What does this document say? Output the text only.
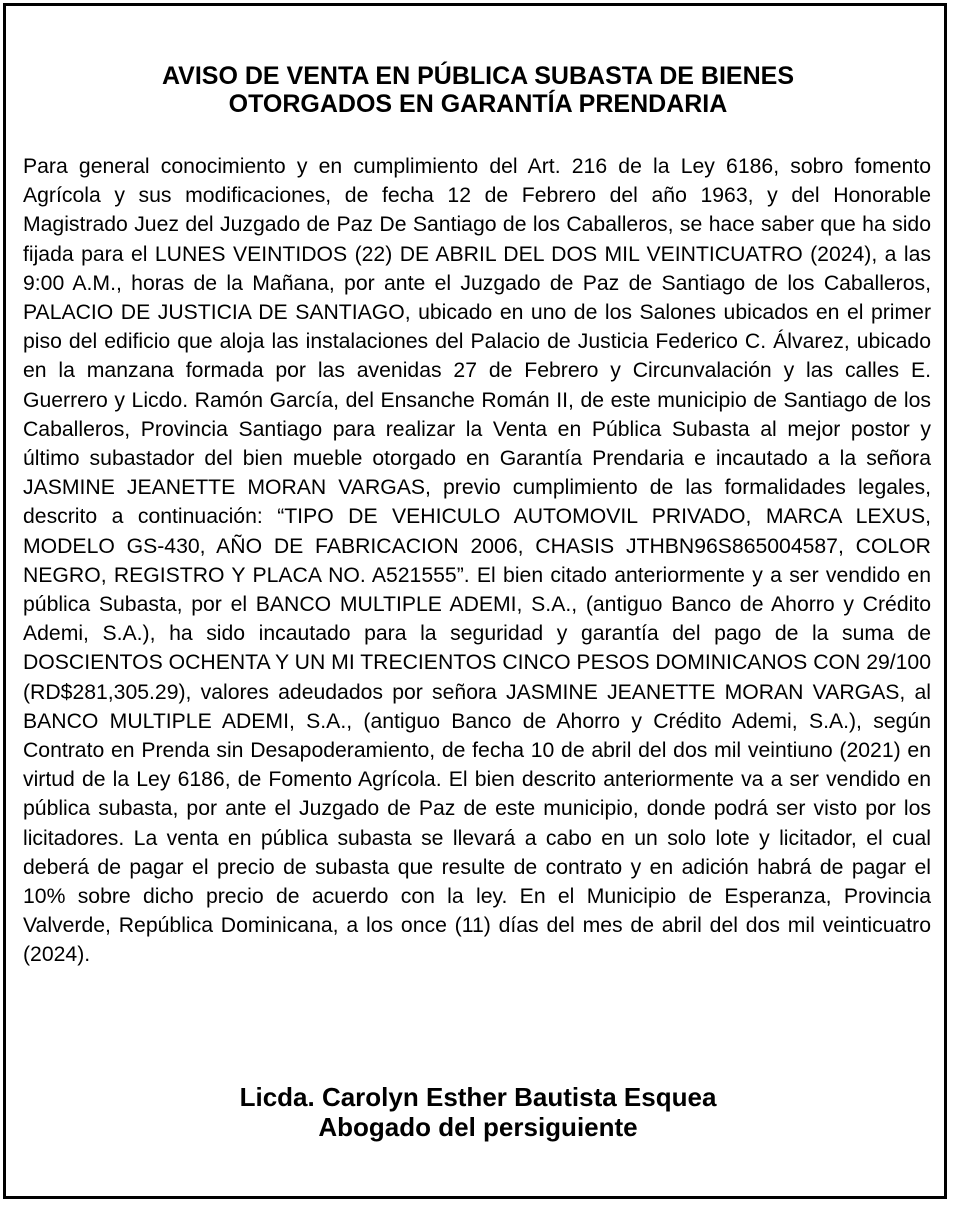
AVISO DE VENTA EN PÚBLICA SUBASTA DE BIENES
OTORGADOS EN GARANTÍA PRENDARIA

Para general conocimiento y en cumplimiento del Art. 216 de la Ley 6186, sobro fomento Agrícola y sus modificaciones, de fecha 12 de Febrero del año 1963, y del Honorable Magistrado Juez del Juzgado de Paz De Santiago de los Caballeros, se hace saber que ha sido fijada para el LUNES VEINTIDOS (22) DE ABRIL DEL DOS MIL VEINTICUATRO (2024), a las 9:00 A.M., horas de la Mañana, por ante el Juzgado de Paz de Santiago de los Caballeros, PALACIO DE JUSTICIA DE SANTIAGO, ubicado en uno de los Salones ubicados en el primer piso del edificio que aloja las instalaciones del Palacio de Justicia Federico C. Álvarez, ubicado en la manzana formada por las avenidas 27 de Febrero y Circunvalación y las calles E. Guerrero y Licdo. Ramón García, del Ensanche Román II, de este municipio de Santiago de los Caballeros, Provincia Santiago para realizar la Venta en Pública Subasta al mejor postor y último subastador del bien mueble otorgado en Garantía Prendaria e incautado a la señora JASMINE JEANETTE MORAN VARGAS, previo cumplimiento de las formalidades legales, descrito a continuación: “TIPO DE VEHICULO AUTOMOVIL PRIVADO, MARCA LEXUS, MODELO GS-430, AÑO DE FABRICACION 2006, CHASIS JTHBN96S865004587, COLOR NEGRO, REGISTRO Y PLACA NO. A521555”. El bien citado anteriormente y a ser vendido en pública Subasta, por el BANCO MULTIPLE ADEMI, S.A., (antiguo Banco de Ahorro y Crédito Ademi, S.A.), ha sido incautado para la seguridad y garantía del pago de la suma de DOSCIENTOS OCHENTA Y UN MI TRECIENTOS CINCO PESOS DOMINICANOS CON 29/100 (RD$281,305.29), valores adeudados por señora JASMINE JEANETTE MORAN VARGAS, al BANCO MULTIPLE ADEMI, S.A., (antiguo Banco de Ahorro y Crédito Ademi, S.A.), según Contrato en Prenda sin Desapoderamiento, de fecha 10 de abril del dos mil veintiuno (2021) en virtud de la Ley 6186, de Fomento Agrícola. El bien descrito anteriormente va a ser vendido en pública subasta, por ante el Juzgado de Paz de este municipio, donde podrá ser visto por los licitadores. La venta en pública subasta se llevará a cabo en un solo lote y licitador, el cual deberá de pagar el precio de subasta que resulte de contrato y en adición habrá de pagar el 10% sobre dicho precio de acuerdo con la ley. En el Municipio de Esperanza, Provincia Valverde, República Dominicana, a los once (11) días del mes de abril del dos mil veinticuatro (2024).

Licda. Carolyn Esther Bautista Esquea
Abogado del persiguiente
